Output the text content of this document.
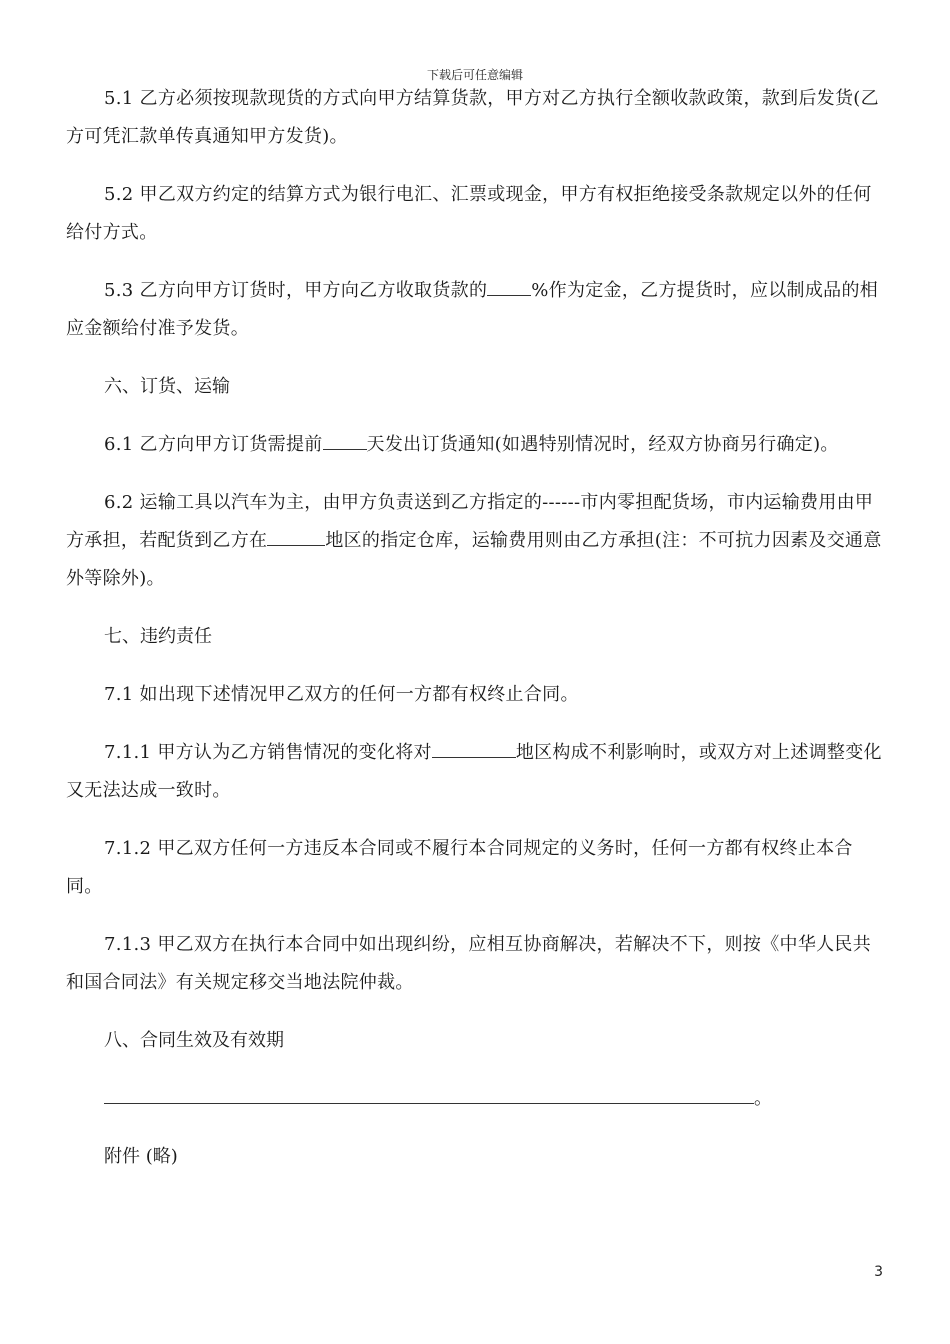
下载后可任意编辑

5.1 乙方必须按现款现货的方式向甲方结算货款，甲方对乙方执行全额收款政策，款到后发货(乙方可凭汇款单传真通知甲方发货)。

5.2 甲乙双方约定的结算方式为银行电汇、汇票或现金，甲方有权拒绝接受条款规定以外的任何给付方式。

5.3 乙方向甲方订货时，甲方向乙方收取货款的 %作为定金，乙方提货时，应以制成品的相应金额给付准予发货。

六、订货、运输

6.1 乙方向甲方订货需提前 天发出订货通知(如遇特别情况时，经双方协商另行确定)。

6.2 运输工具以汽车为主，由甲方负责送到乙方指定的------市内零担配货场，市内运输费用由甲方承担，若配货到乙方在	地区的指定仓库，运输费用则由乙方承担(注：不可抗力因素及交通意外等除外)。

七、违约责任

7.1 如出现下述情况甲乙双方的任何一方都有权终止合同。

7.1.1 甲方认为乙方销售情况的变化将对	地区构成不利影响时，或双方对上述调整变化又无法达成一致时。

7.1.2 甲乙双方任何一方违反本合同或不履行本合同规定的义务时，任何一方都有权终止本合同。

7.1.3 甲乙双方在执行本合同中如出现纠纷，应相互协商解决，若解决不下，则按《中华人民共和国合同法》有关规定移交当地法院仲裁。

八、合同生效及有效期

。

附件 (略)

3
